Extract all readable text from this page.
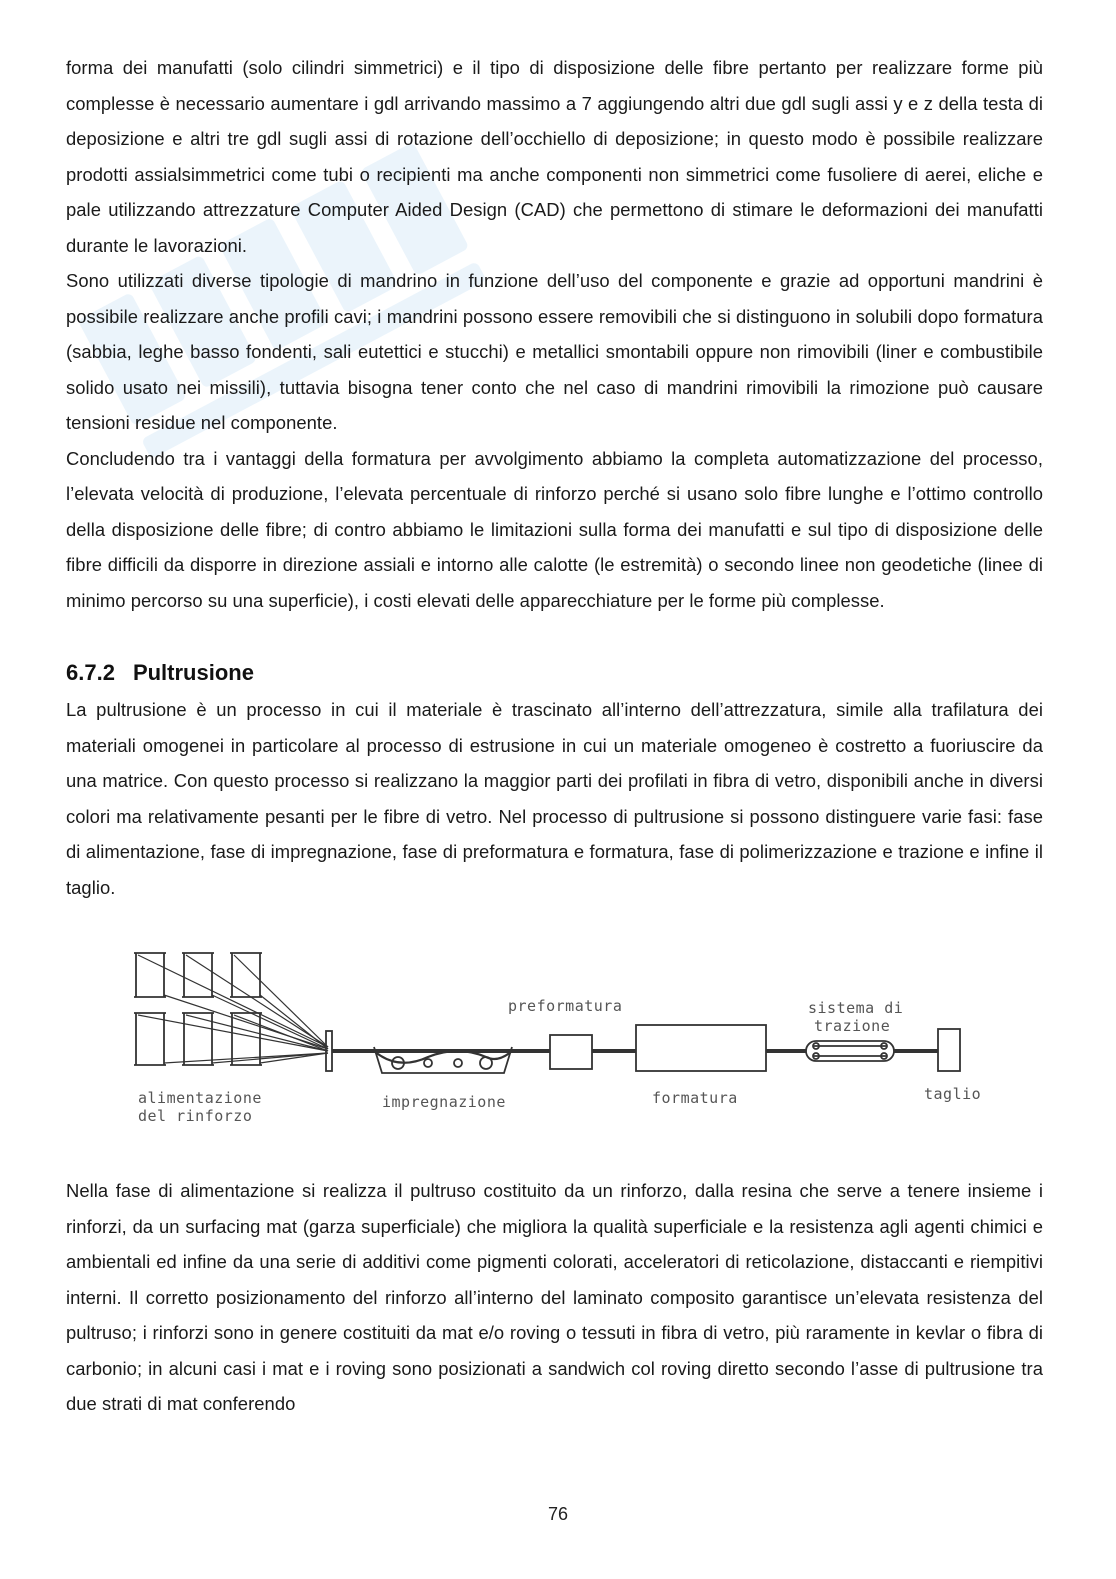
forma dei manufatti (solo cilindri simmetrici) e il tipo di disposizione delle fibre pertanto per realizzare forme più complesse è necessario aumentare i gdl arrivando massimo a 7 aggiungendo altri due gdl sugli assi y e z della testa di deposizione e altri tre gdl sugli assi di rotazione dell’occhiello di deposizione; in questo modo è possibile realizzare prodotti assialsimmetrici come tubi o recipienti ma anche componenti non simmetrici come fusoliere di aerei, eliche e pale utilizzando attrezzature Computer Aided Design (CAD) che permettono di stimare le deformazioni dei manufatti durante le lavorazioni.

Sono utilizzati diverse tipologie di mandrino in funzione dell’uso del componente e grazie ad opportuni mandrini è possibile realizzare anche profili cavi; i mandrini possono essere removibili che si distinguono in solubili dopo formatura (sabbia, leghe basso fondenti, sali eutettici e stucchi) e metallici smontabili oppure non rimovibili (liner e combustibile solido usato nei missili), tuttavia bisogna tener conto che nel caso di mandrini rimovibili la rimozione può causare tensioni residue nel componente.

Concludendo tra i vantaggi della formatura per avvolgimento abbiamo la completa automatizzazione del processo, l’elevata velocità di produzione, l’elevata percentuale di rinforzo perché si usano solo fibre lunghe e l’ottimo controllo della disposizione delle fibre; di contro abbiamo le limitazioni sulla forma dei manufatti e sul tipo di disposizione delle fibre difficili da disporre in direzione assiali e intorno alle calotte (le estremità) o secondo linee non geodetiche (linee di minimo percorso su una superficie), i costi elevati delle apparecchiature per le forme più complesse.

6.7.2 Pultrusione

La pultrusione è un processo in cui il materiale è trascinato all’interno dell’attrezzatura, simile alla trafilatura dei materiali omogenei in particolare al processo di estrusione in cui un materiale omogeneo è costretto a fuoriuscire da una matrice. Con questo processo si realizzano la maggior parti dei profilati in fibra di vetro, disponibili anche in diversi colori ma relativamente pesanti per le fibre di vetro. Nel processo di pultrusione si possono distinguere varie fasi: fase di alimentazione, fase di impregnazione, fase di preformatura e formatura, fase di polimerizzazione e trazione e infine il taglio.

alimentazione
del rinforzo
impregnazione
preformatura
formatura
sistema di
trazione
taglio

Nella fase di alimentazione si realizza il pultruso costituito da un rinforzo, dalla resina che serve a tenere insieme i rinforzi, da un surfacing mat (garza superficiale) che migliora la qualità superficiale e la resistenza agli agenti chimici e ambientali ed infine da una serie di additivi come pigmenti colorati, acceleratori di reticolazione, distaccanti e riempitivi interni. Il corretto posizionamento del rinforzo all’interno del laminato composito garantisce un’elevata resistenza del pultruso; i rinforzi sono in genere costituiti da mat e/o roving o tessuti in fibra di vetro, più raramente in kevlar o fibra di carbonio; in alcuni casi i mat e i roving sono posizionati a sandwich col roving diretto secondo l’asse di pultrusione tra due strati di mat conferendo

76
